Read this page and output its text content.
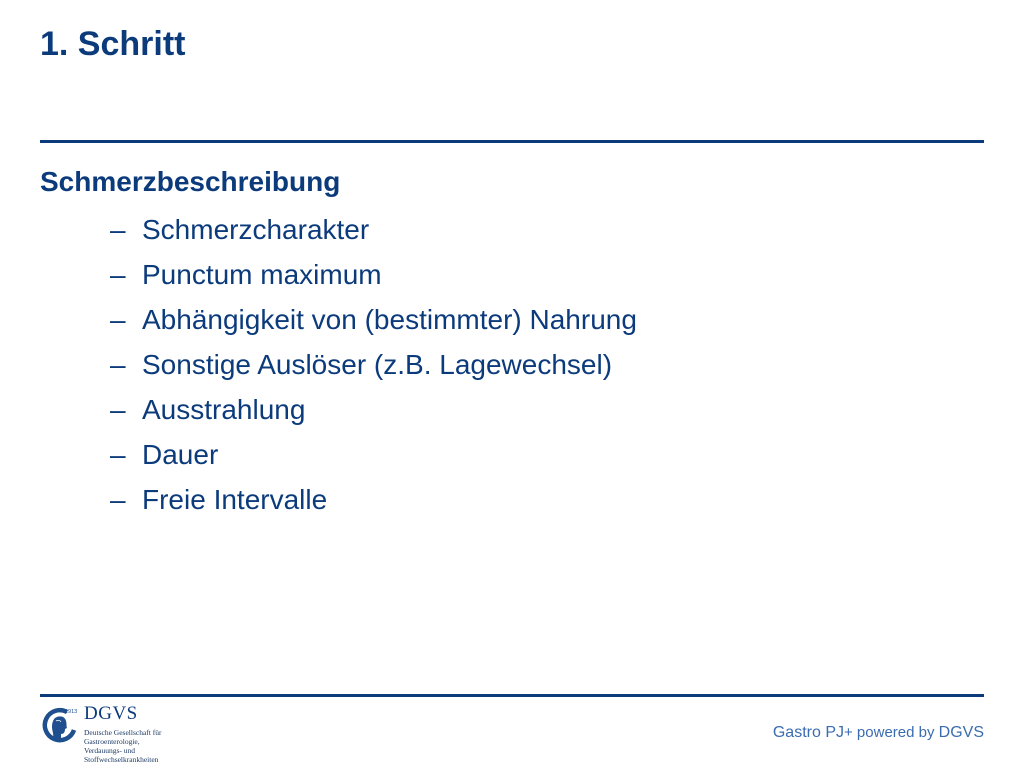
1. Schritt
Schmerzbeschreibung
– Schmerzcharakter
– Punctum maximum
– Abhängigkeit von (bestimmter) Nahrung
– Sonstige Auslöser (z.B. Lagewechsel)
– Ausstrahlung
– Dauer
– Freie Intervalle
1913 DGVS
Deutsche Gesellschaft für
Gastroenterologie,
Verdauungs- und
Stoffwechselkrankheiten
Gastro PJ+ powered by DGVS
